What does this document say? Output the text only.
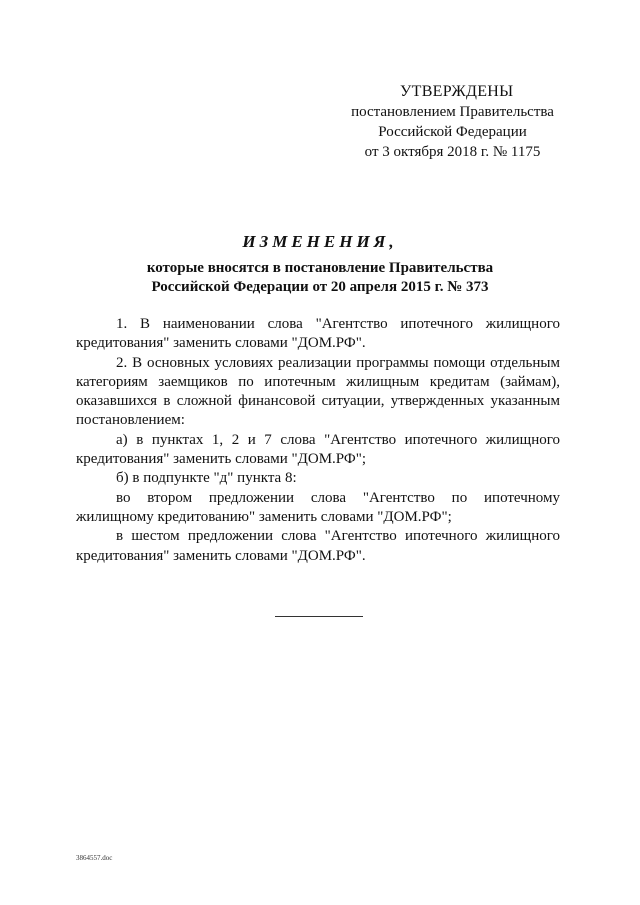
УТВЕРЖДЕНЫ
постановлением Правительства
Российской Федерации
от 3 октября 2018 г. № 1175
ИЗМЕНЕНИЯ,
которые вносятся в постановление Правительства
Российской Федерации от 20 апреля 2015 г. № 373

1. В наименовании слова "Агентство ипотечного жилищного кредитования" заменить словами "ДОМ.РФ".

2. В основных условиях реализации программы помощи отдельным категориям заемщиков по ипотечным жилищным кредитам (займам), оказавшихся в сложной финансовой ситуации, утвержденных указанным постановлением:

а) в пунктах 1, 2 и 7 слова "Агентство ипотечного жилищного кредитования" заменить словами "ДОМ.РФ";

б) в подпункте "д" пункта 8:

во втором предложении слова "Агентство по ипотечному жилищному кредитованию" заменить словами "ДОМ.РФ";

в шестом предложении слова "Агентство ипотечного жилищного кредитования" заменить словами "ДОМ.РФ".

3864557.doc
